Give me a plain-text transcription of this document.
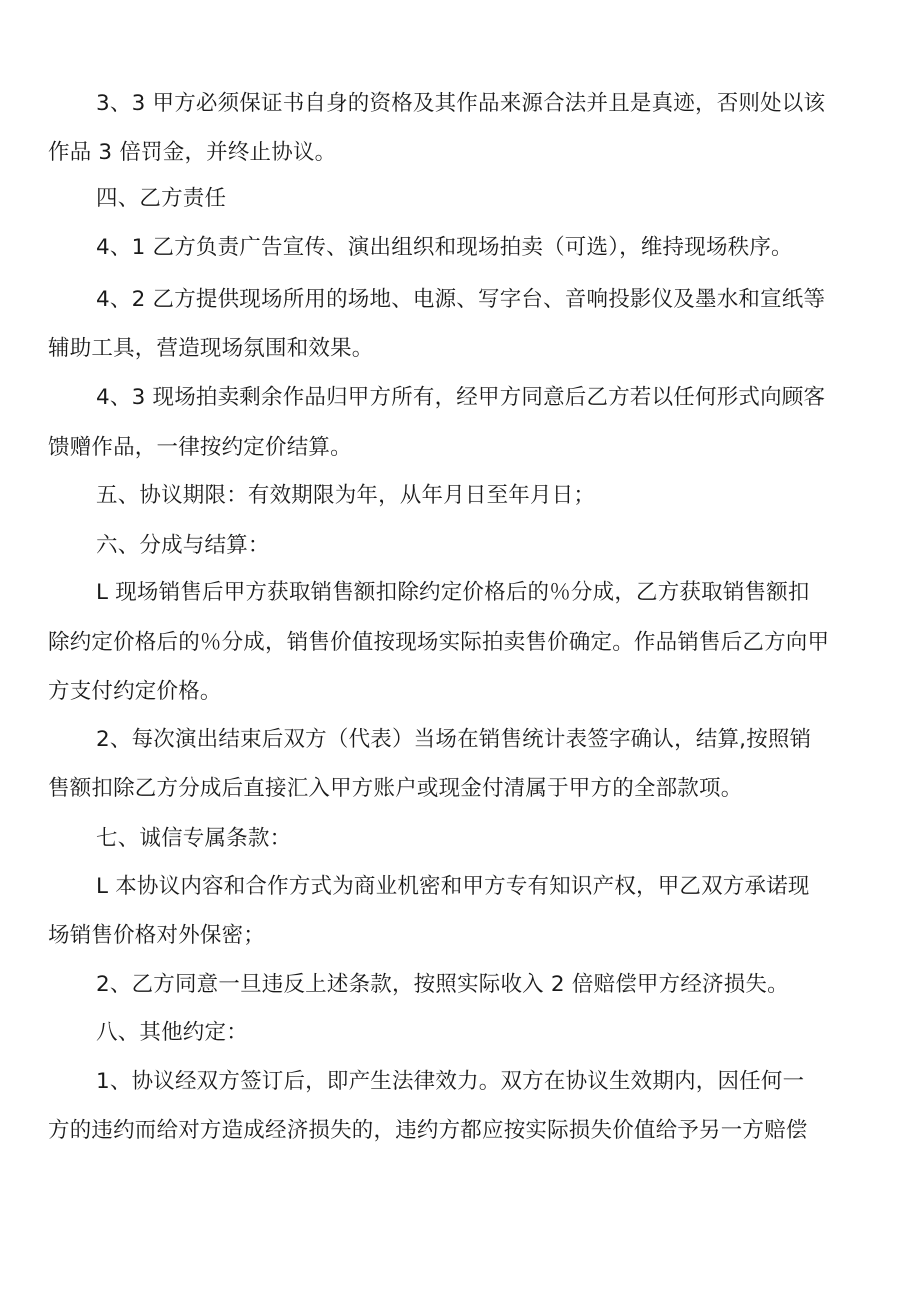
3、3 甲方必须保证书自身的资格及其作品来源合法并且是真迹，否则处以该
作品 3 倍罚金，并终止协议。
四、乙方责任
4、1 乙方负责广告宣传、演出组织和现场拍卖（可选），维持现场秩序。
4、2 乙方提供现场所用的场地、电源、写字台、音响投影仪及墨水和宣纸等
辅助工具，营造现场氛围和效果。
4、3 现场拍卖剩余作品归甲方所有，经甲方同意后乙方若以任何形式向顾客
馈赠作品，一律按约定价结算。
五、协议期限：有效期限为年，从年月日至年月日；
六、分成与结算：
L 现场销售后甲方获取销售额扣除约定价格后的％分成，乙方获取销售额扣
除约定价格后的％分成，销售价值按现场实际拍卖售价确定。作品销售后乙方向甲
方支付约定价格。
2、每次演出结束后双方（代表）当场在销售统计表签字确认，结算,按照销
售额扣除乙方分成后直接汇入甲方账户或现金付清属于甲方的全部款项。
七、诚信专属条款：
L 本协议内容和合作方式为商业机密和甲方专有知识产权，甲乙双方承诺现
场销售价格对外保密；
2、乙方同意一旦违反上述条款，按照实际收入 2 倍赔偿甲方经济损失。
八、其他约定：
1、协议经双方签订后，即产生法律效力。双方在协议生效期内，因任何一
方的违约而给对方造成经济损失的，违约方都应按实际损失价值给予另一方赔偿
